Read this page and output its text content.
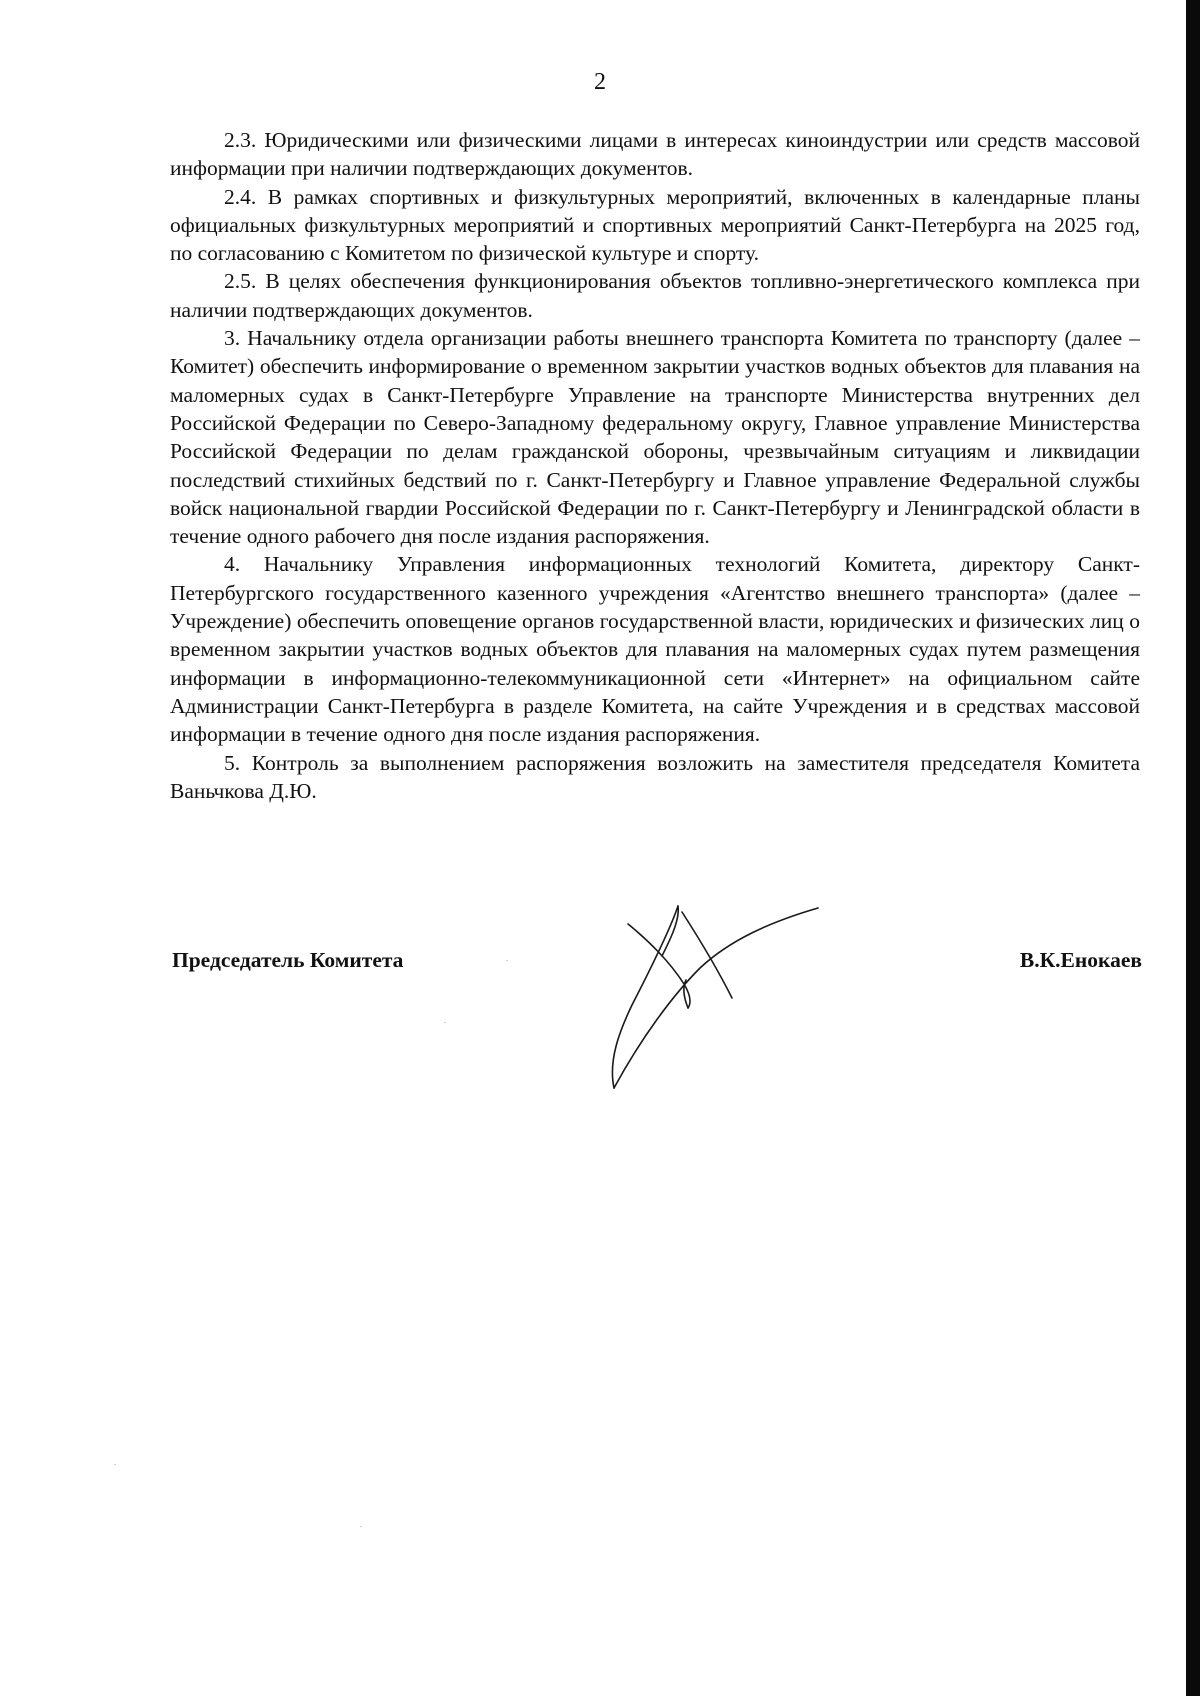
2

2.3. Юридическими или физическими лицами в интересах киноиндустрии или средств массовой информации при наличии подтверждающих документов.

2.4. В рамках спортивных и физкультурных мероприятий, включенных в календарные планы официальных физкультурных мероприятий и спортивных мероприятий Санкт-Петербурга на 2025 год, по согласованию с Комитетом по физической культуре и спорту.

2.5. В целях обеспечения функционирования объектов топливно-энергетического комплекса при наличии подтверждающих документов.

3. Начальнику отдела организации работы внешнего транспорта Комитета по транспорту (далее – Комитет) обеспечить информирование о временном закрытии участков водных объектов для плавания на маломерных судах в Санкт-Петербурге Управление на транспорте Министерства внутренних дел Российской Федерации по Северо-Западному федеральному округу, Главное управление Министерства Российской Федерации по делам гражданской обороны, чрезвычайным ситуациям и ликвидации последствий стихийных бедствий по г. Санкт-Петербургу и Главное управление Федеральной службы войск национальной гвардии Российской Федерации по г. Санкт-Петербургу и Ленинградской области в течение одного рабочего дня после издания распоряжения.

4. Начальнику Управления информационных технологий Комитета, директору Санкт-Петербургского государственного казенного учреждения «Агентство внешнего транспорта» (далее – Учреждение) обеспечить оповещение органов государственной власти, юридических и физических лиц о временном закрытии участков водных объектов для плавания на маломерных судах путем размещения информации в информационно-телекоммуникационной сети «Интернет» на официальном сайте Администрации Санкт-Петербурга в разделе Комитета, на сайте Учреждения и в средствах массовой информации в течение одного дня после издания распоряжения.

5. Контроль за выполнением распоряжения возложить на заместителя председателя Комитета Ваньчкова Д.Ю.

Председатель Комитета	В.К.Енокаев
